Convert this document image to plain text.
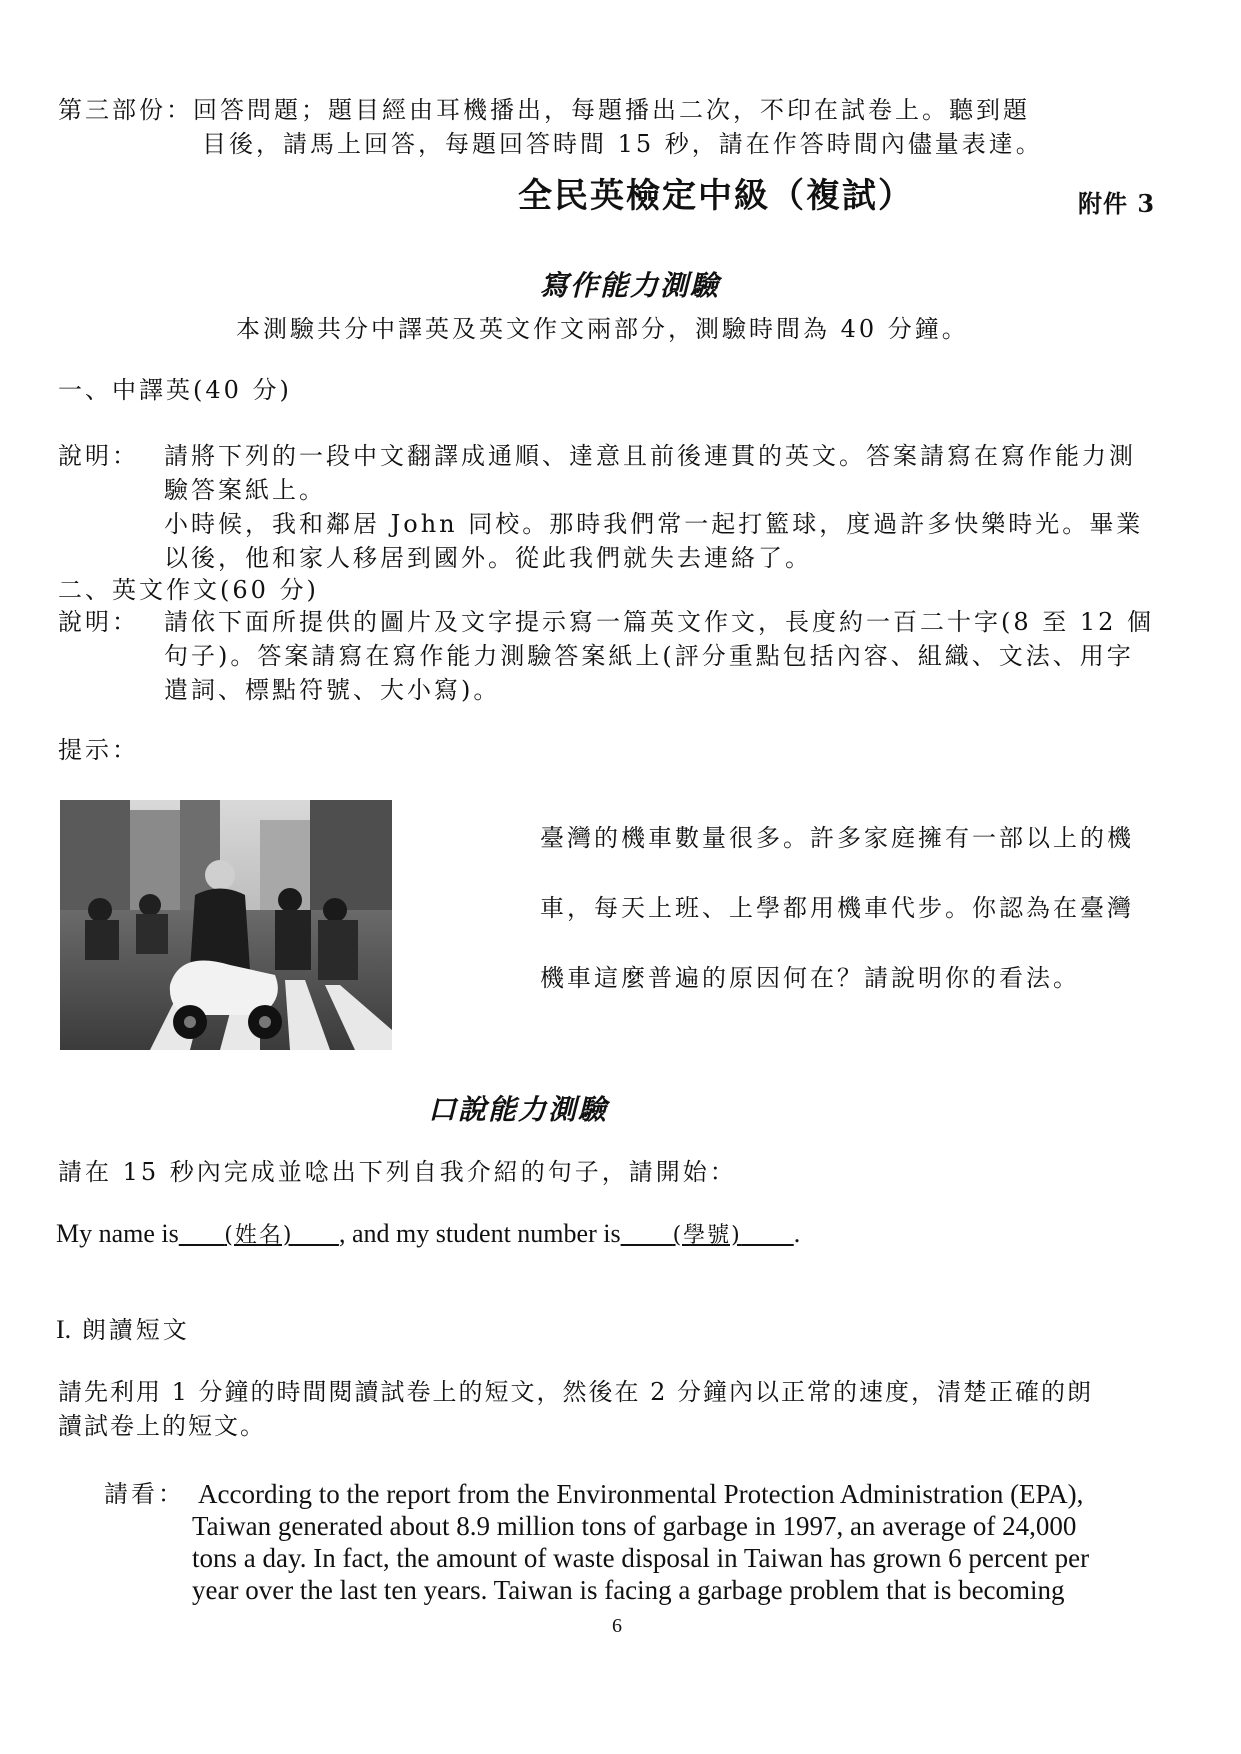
第三部份：回答問題；題目經由耳機播出，每題播出二次，不印在試卷上。聽到題
目後，請馬上回答，每題回答時間 15 秒，請在作答時間內儘量表達。
全民英檢定中級（複試）	附件 3
寫作能力測驗
本測驗共分中譯英及英文作文兩部分，測驗時間為 40 分鐘。
一、中譯英(40 分)
說明： 請將下列的一段中文翻譯成通順、達意且前後連貫的英文。答案請寫在寫作能力測
驗答案紙上。
小時候，我和鄰居 John 同校。那時我們常一起打籃球，度過許多快樂時光。畢業
以後，他和家人移居到國外。從此我們就失去連絡了。
二、英文作文(60 分)
說明： 請依下面所提供的圖片及文字提示寫一篇英文作文，長度約一百二十字(8 至 12 個
句子)。答案請寫在寫作能力測驗答案紙上(評分重點包括內容、組織、文法、用字
遣詞、標點符號、大小寫)。
提示：
臺灣的機車數量很多。許多家庭擁有一部以上的機
車，每天上班、上學都用機車代步。你認為在臺灣
機車這麼普遍的原因何在？請說明你的看法。
口說能力測驗
請在 15 秒內完成並唸出下列自我介紹的句子，請開始：
My name is (姓名) , and my student number is (學號) .
I. 朗讀短文
請先利用 1 分鐘的時間閱讀試卷上的短文，然後在 2 分鐘內以正常的速度，清楚正確的朗
讀試卷上的短文。
請看： According to the report from the Environmental Protection Administration (EPA),
Taiwan generated about 8.9 million tons of garbage in 1997, an average of 24,000
tons a day. In fact, the amount of waste disposal in Taiwan has grown 6 percent per
year over the last ten years. Taiwan is facing a garbage problem that is becoming
6
